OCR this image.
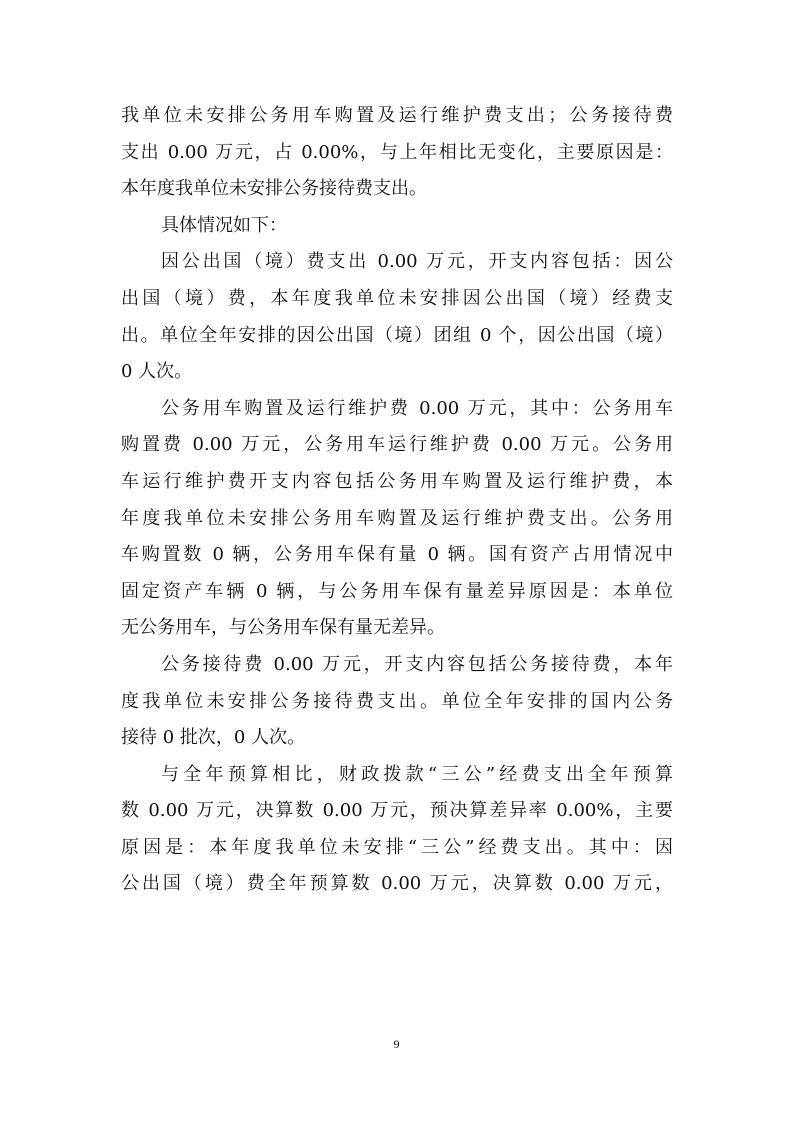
我单位未安排公务用车购置及运行维护费支出；公务接待费
支出 0.00 万元，占 0.00%，与上年相比无变化，主要原因是：
本年度我单位未安排公务接待费支出。

具体情况如下：

因公出国（境）费支出 0.00 万元，开支内容包括：因公
出国（境）费，本年度我单位未安排因公出国（境）经费支
出。单位全年安排的因公出国（境）团组 0 个，因公出国（境）
0 人次。

公务用车购置及运行维护费 0.00 万元，其中：公务用车
购置费 0.00 万元，公务用车运行维护费 0.00 万元。公务用
车运行维护费开支内容包括公务用车购置及运行维护费，本
年度我单位未安排公务用车购置及运行维护费支出。公务用
车购置数 0 辆，公务用车保有量 0 辆。国有资产占用情况中
固定资产车辆 0 辆，与公务用车保有量差异原因是：本单位
无公务用车，与公务用车保有量无差异。

公务接待费 0.00 万元，开支内容包括公务接待费，本年
度我单位未安排公务接待费支出。单位全年安排的国内公务
接待 0 批次，0 人次。

与全年预算相比，财政拨款“三公”经费支出全年预算
数 0.00 万元，决算数 0.00 万元，预决算差异率 0.00%，主要
原因是：本年度我单位未安排“三公”经费支出。其中：因
公出国（境）费全年预算数 0.00 万元，决算数 0.00 万元，

9
